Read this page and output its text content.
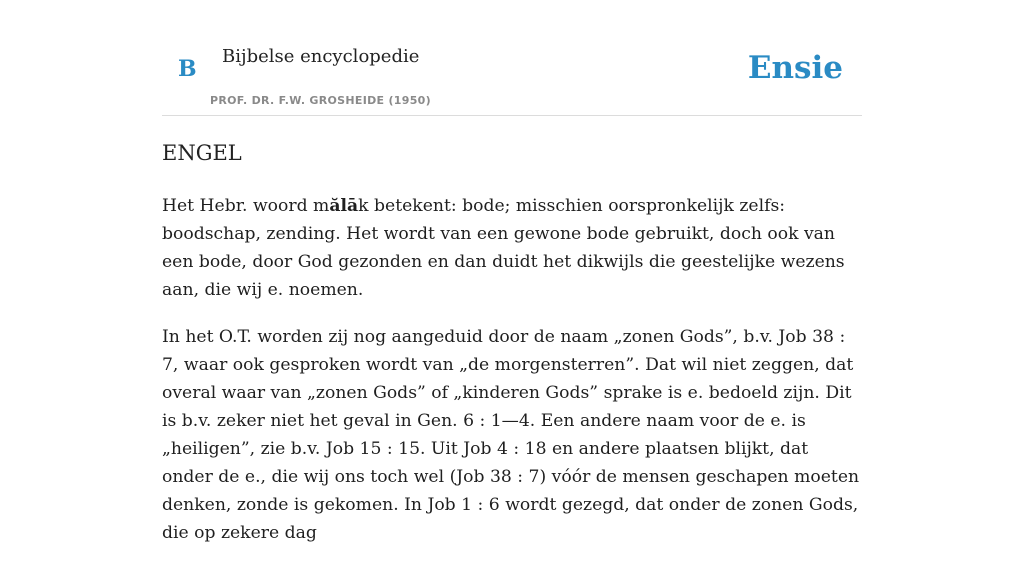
B Bijbelse encyclopedie
PROF. DR. F.W. GROSHEIDE (1950)
Ensie
ENGEL

Het Hebr. woord mălāk betekent: bode; misschien oorspronkelijk zelfs: boodschap, zending. Het wordt van een gewone bode gebruikt, doch ook van een bode, door God gezonden en dan duidt het dikwijls die geestelijke wezens aan, die wij e. noemen.

In het O.T. worden zij nog aangeduid door de naam „zonen Gods”, b.v. Job 38 : 7, waar ook gesproken wordt van „de morgensterren”. Dat wil niet zeggen, dat overal waar van „zonen Gods” of „kinderen Gods” sprake is e. bedoeld zijn. Dit is b.v. zeker niet het geval in Gen. 6 : 1—4. Een andere naam voor de e. is „heiligen”, zie b.v. Job 15 : 15. Uit Job 4 : 18 en andere plaatsen blijkt, dat onder de e., die wij ons toch wel (Job 38 : 7) vóór de mensen geschapen moeten denken, zonde is gekomen. In Job 1 : 6 wordt gezegd, dat onder de zonen Gods, die op zekere dag
